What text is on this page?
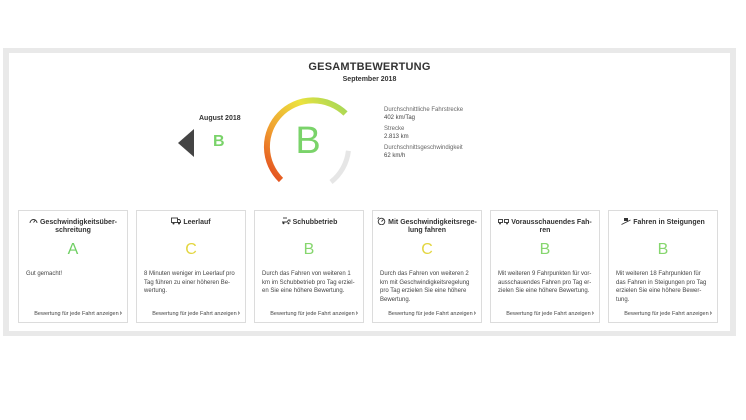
GESAMTBEWERTUNG
September 2018
August 2018
B B
Durchschnittliche Fahrstrecke
402 km/Tag
Strecke
2.813 km
Durchschnittsgeschwindigkeit
62 km/h
Geschwindigkeitsüber-schreitung
A
Gut gemacht!
Bewertung für jede Fahrt anzeigen›
Leerlauf
C
8 Minuten weniger im Leerlauf pro Tag führen zu einer höheren Be-wertung.
Bewertung für jede Fahrt anzeigen›
Schubbetrieb
B
Durch das Fahren von weiteren 1 km im Schubbetrieb pro Tag erziel-en Sie eine höhere Bewertung.
Bewertung für jede Fahrt anzeigen›
Mit Geschwindigkeitsrege-lung fahren
C
Durch das Fahren von weiteren 2 km mit Geschwindigkeitsregelung pro Tag erzielen Sie eine höhere Bewertung.
Bewertung für jede Fahrt anzeigen›
Vorausschauendes Fah-ren
B
Mit weiteren 9 Fahrpunkten für vor-ausschauendes Fahren pro Tag er-zielen Sie eine höhere Bewertung.
Bewertung für jede Fahrt anzeigen›
Fahren in Steigungen
B
Mit weiteren 18 Fahrpunkten für das Fahren in Steigungen pro Tag erzielen Sie eine höhere Bewer-tung.
Bewertung für jede Fahrt anzeigen›
